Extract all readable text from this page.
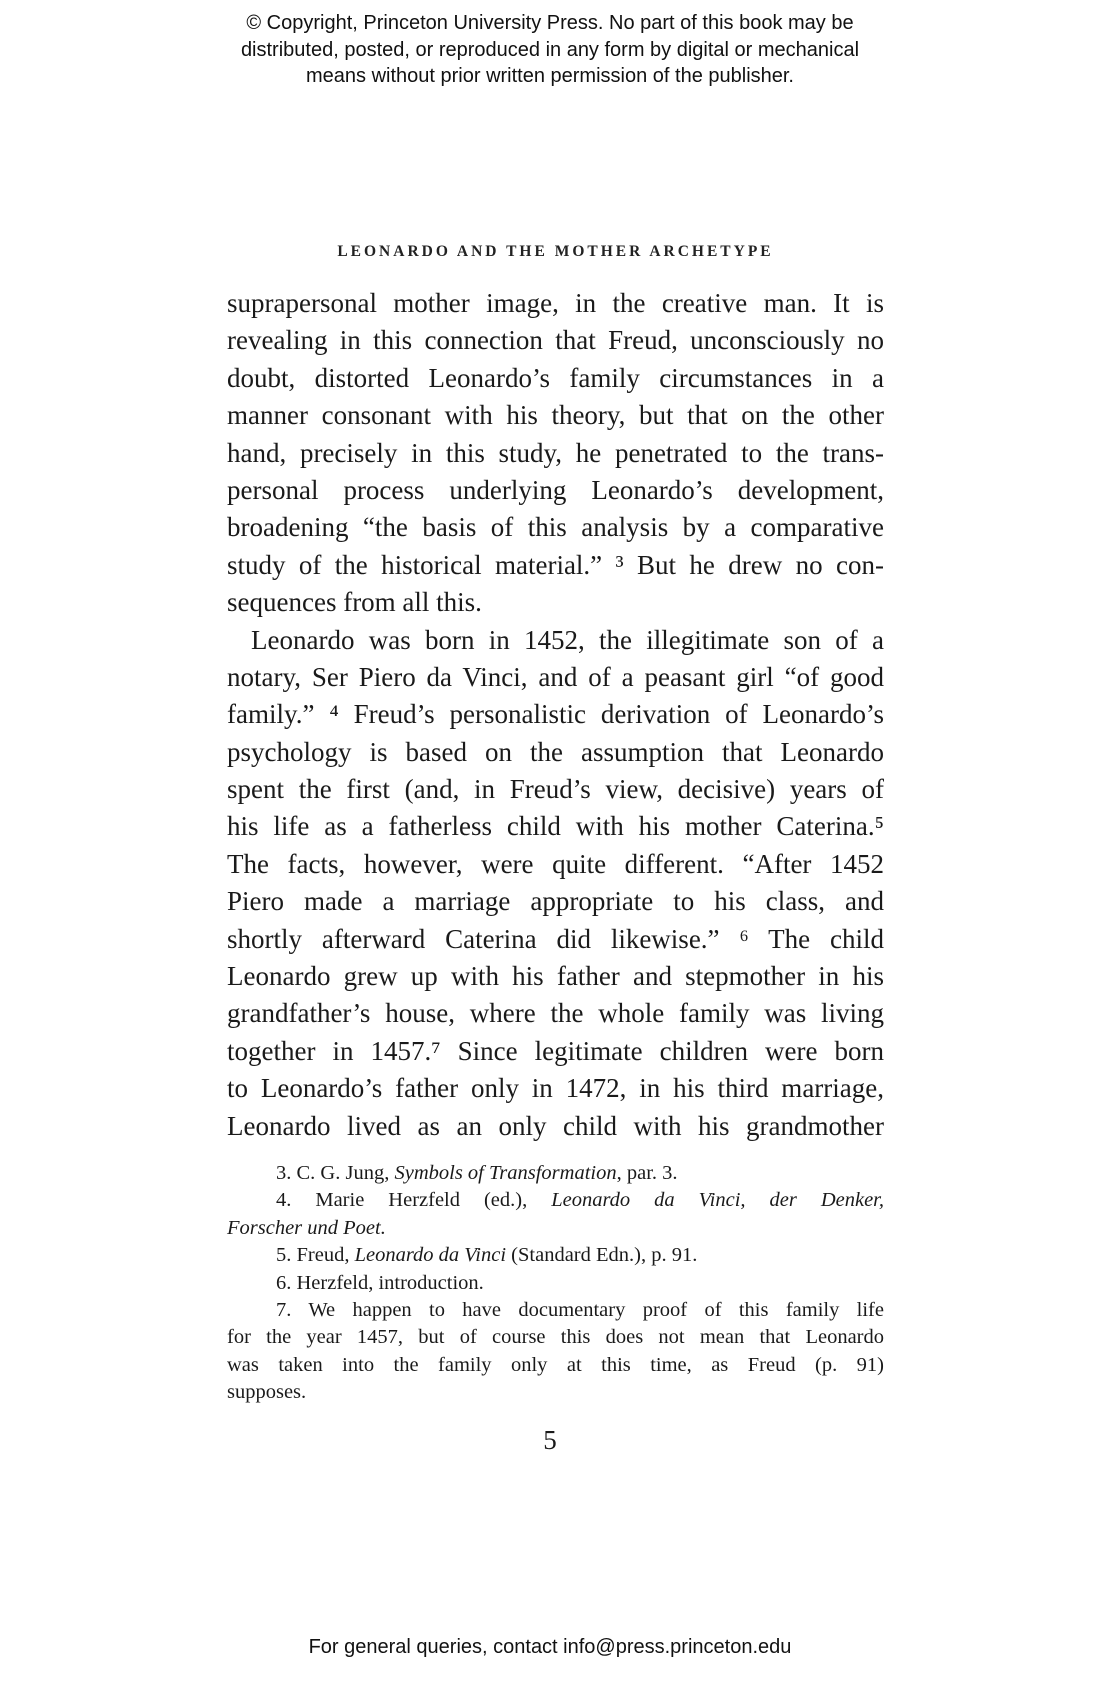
© Copyright, Princeton University Press. No part of this book may be
distributed, posted, or reproduced in any form by digital or mechanical
means without prior written permission of the publisher.
LEONARDO AND THE MOTHER ARCHETYPE
suprapersonal mother image, in the creative man. It is
revealing in this connection that Freud, unconsciously no
doubt, distorted Leonardo’s family circumstances in a
manner consonant with his theory, but that on the other
hand, precisely in this study, he penetrated to the trans-
personal process underlying Leonardo’s development,
broadening “the basis of this analysis by a comparative
study of the historical material.” ³ But he drew no con-
sequences from all this.
Leonardo was born in 1452, the illegitimate son of a
notary, Ser Piero da Vinci, and of a peasant girl “of good
family.” ⁴ Freud’s personalistic derivation of Leonardo’s
psychology is based on the assumption that Leonardo
spent the first (and, in Freud’s view, decisive) years of
his life as a fatherless child with his mother Caterina.⁵
The facts, however, were quite different. “After 1452
Piero made a marriage appropriate to his class, and
shortly afterward Caterina did likewise.” ⁶ The child
Leonardo grew up with his father and stepmother in his
grandfather’s house, where the whole family was living
together in 1457.⁷ Since legitimate children were born
to Leonardo’s father only in 1472, in his third marriage,
Leonardo lived as an only child with his grandmother
3. C. G. Jung, Symbols of Transformation, par. 3.
4. Marie Herzfeld (ed.), Leonardo da Vinci, der Denker,
Forscher und Poet.
5. Freud, Leonardo da Vinci (Standard Edn.), p. 91.
6. Herzfeld, introduction.
7. We happen to have documentary proof of this family life
for the year 1457, but of course this does not mean that Leonardo
was taken into the family only at this time, as Freud (p. 91)
supposes.
5
For general queries, contact info@press.princeton.edu
